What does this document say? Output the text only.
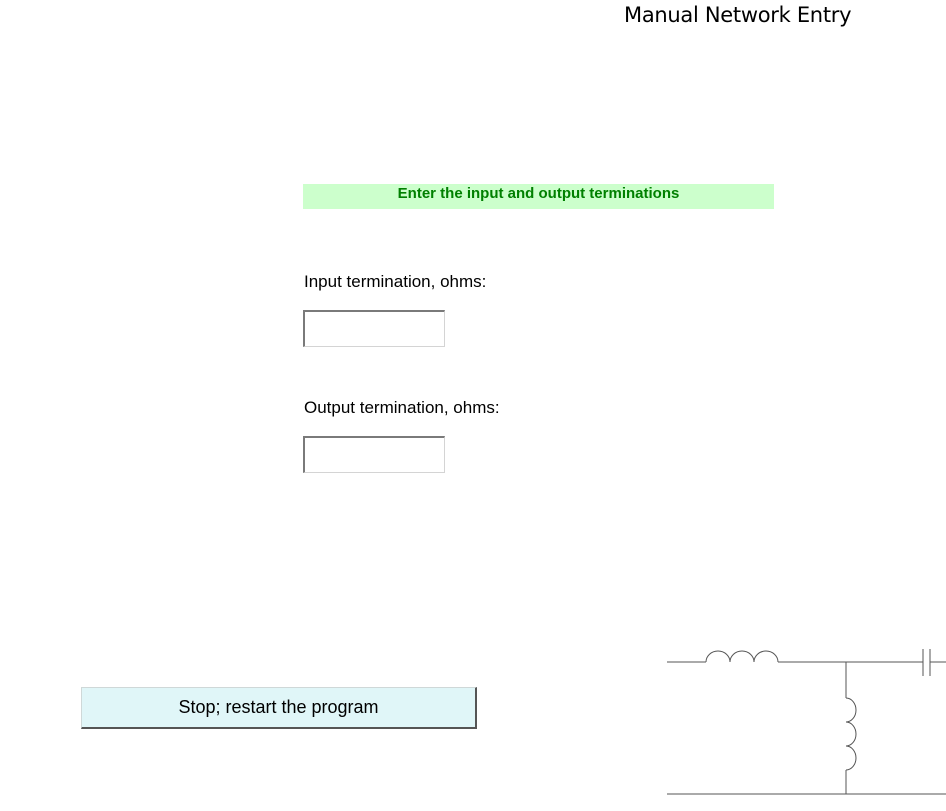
Manual Network Entry
Enter the input and output terminations
Input termination, ohms:
Output termination, ohms:
Stop; restart the program
